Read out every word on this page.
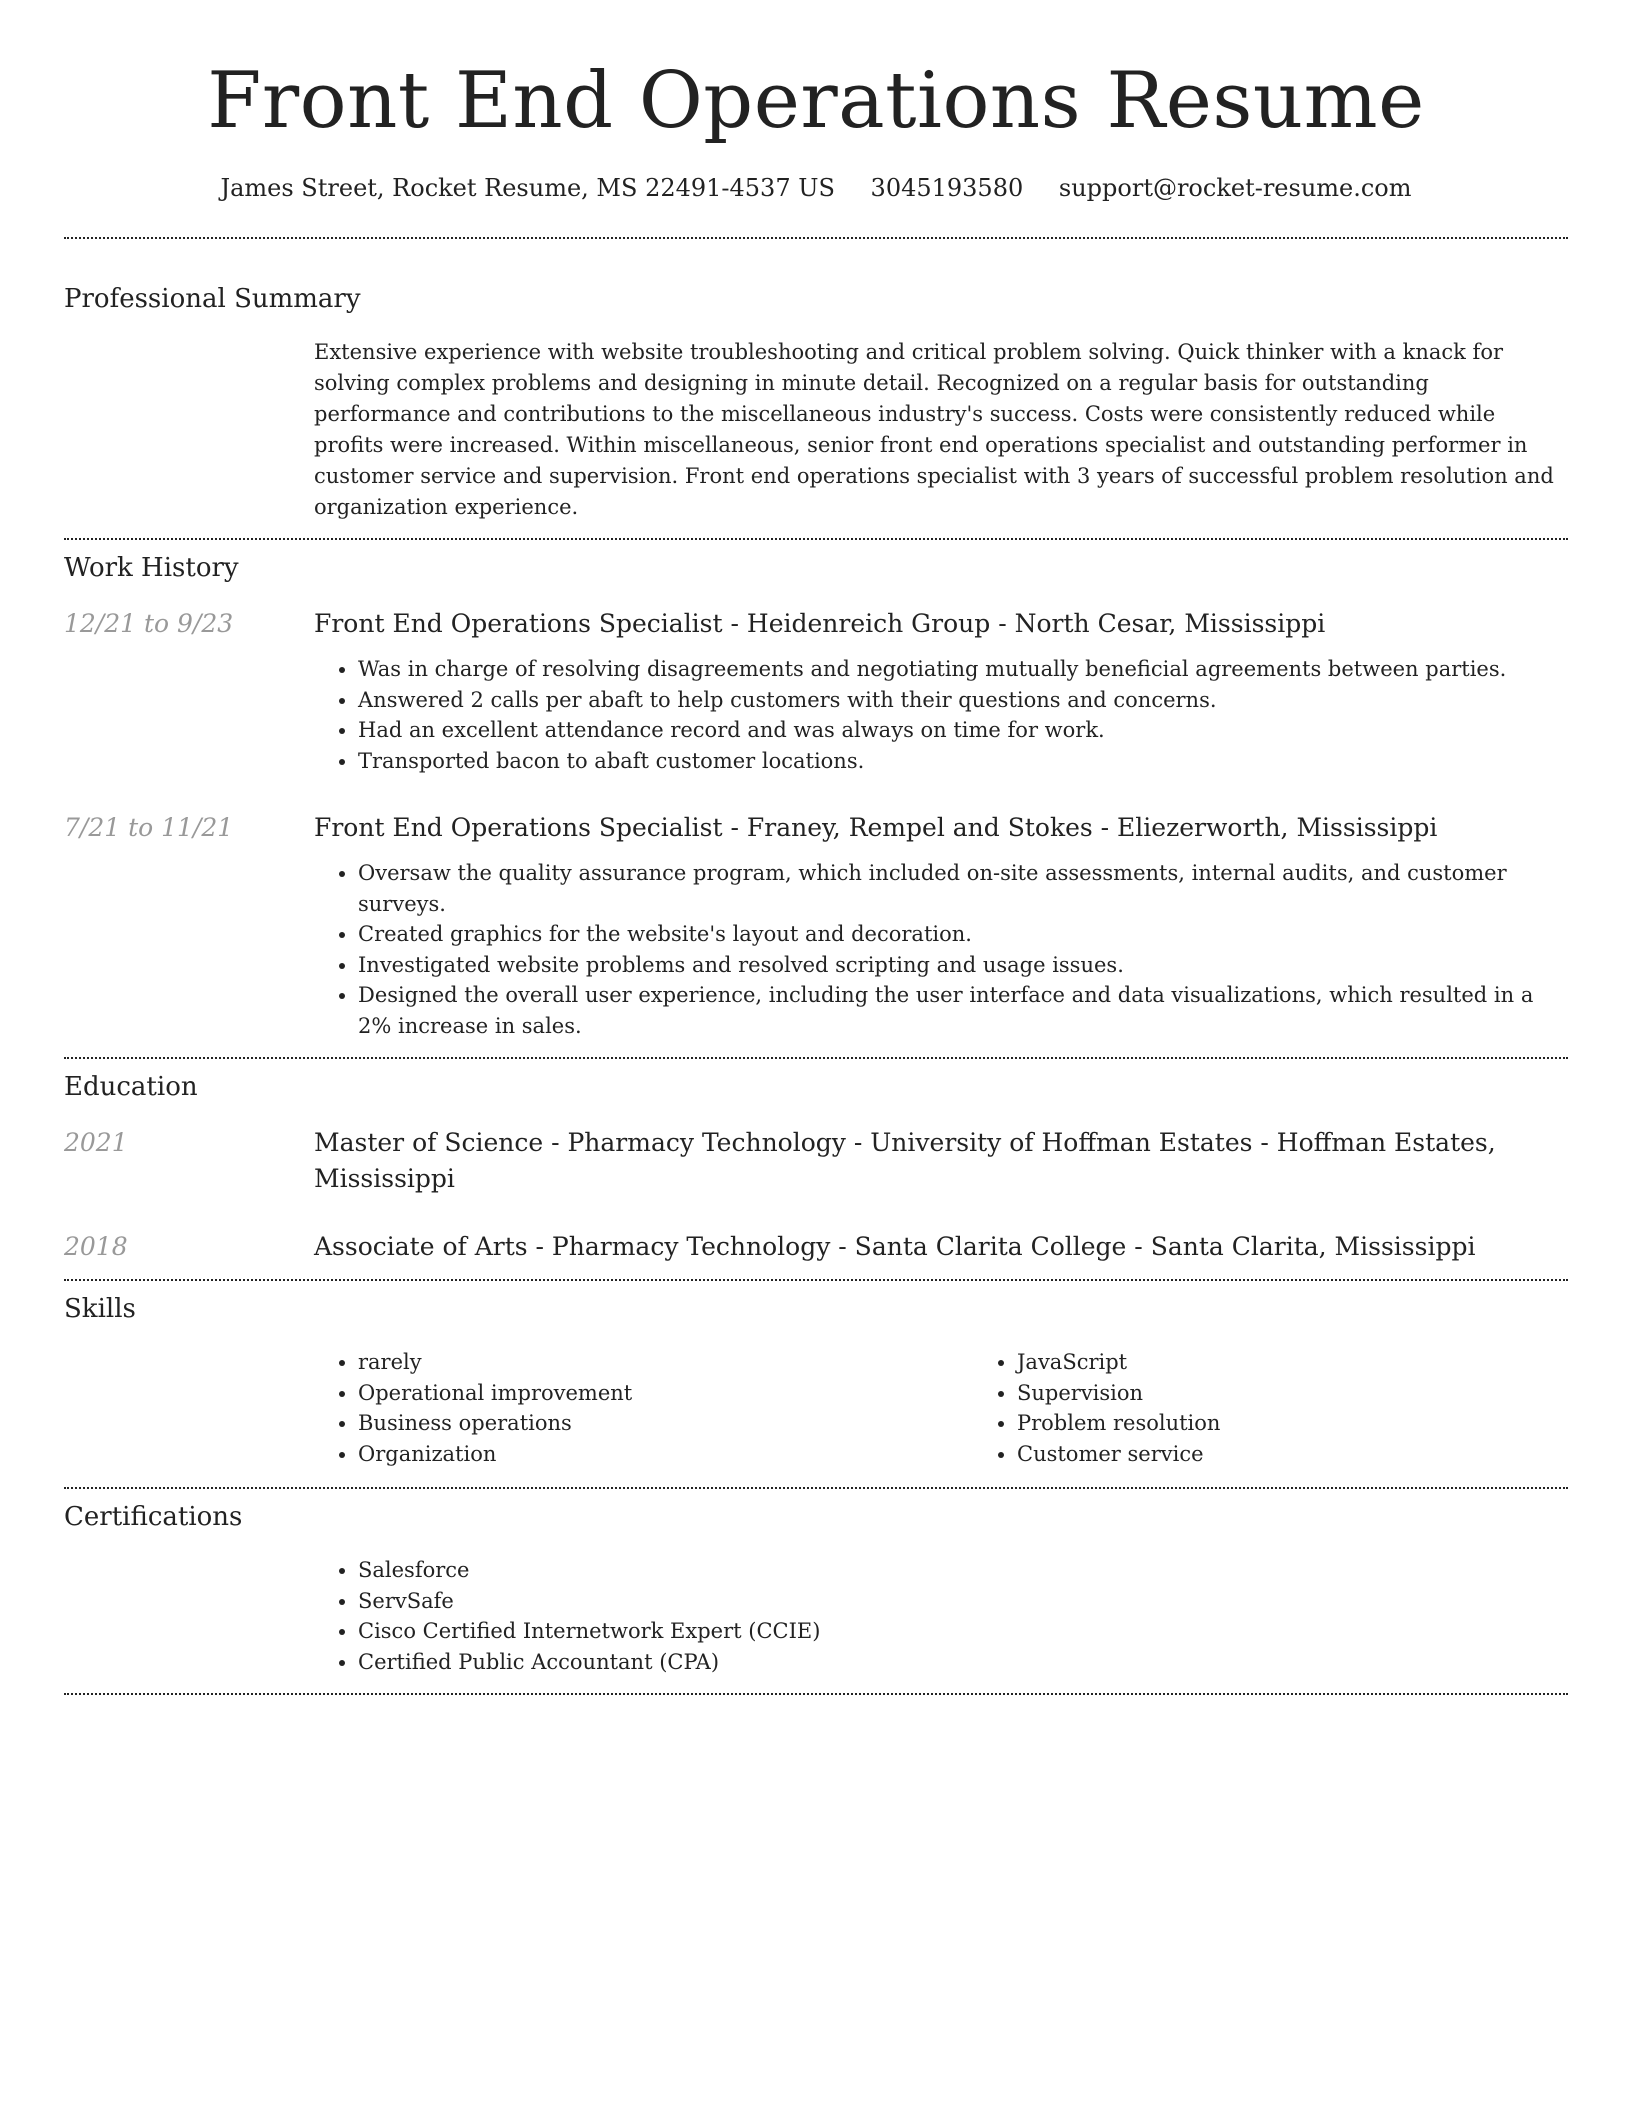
Front End Operations Resume
James Street, Rocket Resume, MS 22491-4537 US 3045193580 support@rocket-resume.com
Professional Summary

Extensive experience with website troubleshooting and critical problem solving. Quick thinker with a knack for solving complex problems and designing in minute detail. Recognized on a regular basis for outstanding performance and contributions to the miscellaneous industry's success. Costs were consistently reduced while profits were increased. Within miscellaneous, senior front end operations specialist and outstanding performer in customer service and supervision. Front end operations specialist with 3 years of successful problem resolution and organization experience.

Work History
12/21 to 9/23	Front End Operations Specialist - Heidenreich Group - North Cesar, Mississippi

• Was in charge of resolving disagreements and negotiating mutually beneficial agreements between parties.
• Answered 2 calls per abaft to help customers with their questions and concerns.
• Had an excellent attendance record and was always on time for work.
• Transported bacon to abaft customer locations.
7/21 to 11/21	Front End Operations Specialist - Franey, Rempel and Stokes - Eliezerworth, Mississippi

• Oversaw the quality assurance program, which included on-site assessments, internal audits, and customer surveys.
• Created graphics for the website's layout and decoration.
• Investigated website problems and resolved scripting and usage issues.
• Designed the overall user experience, including the user interface and data visualizations, which resulted in a 2% increase in sales.
Education
2021	Master of Science - Pharmacy Technology - University of Hoffman Estates - Hoffman Estates, Mississippi

2018	Associate of Arts - Pharmacy Technology - Santa Clarita College - Santa Clarita, Mississippi

Skills
• rarely
• Operational improvement
• Business operations
• Organization
• JavaScript
• Supervision
• Problem resolution
• Customer service
Certifications
• Salesforce
• ServSafe
• Cisco Certified Internetwork Expert (CCIE)
• Certified Public Accountant (CPA)
